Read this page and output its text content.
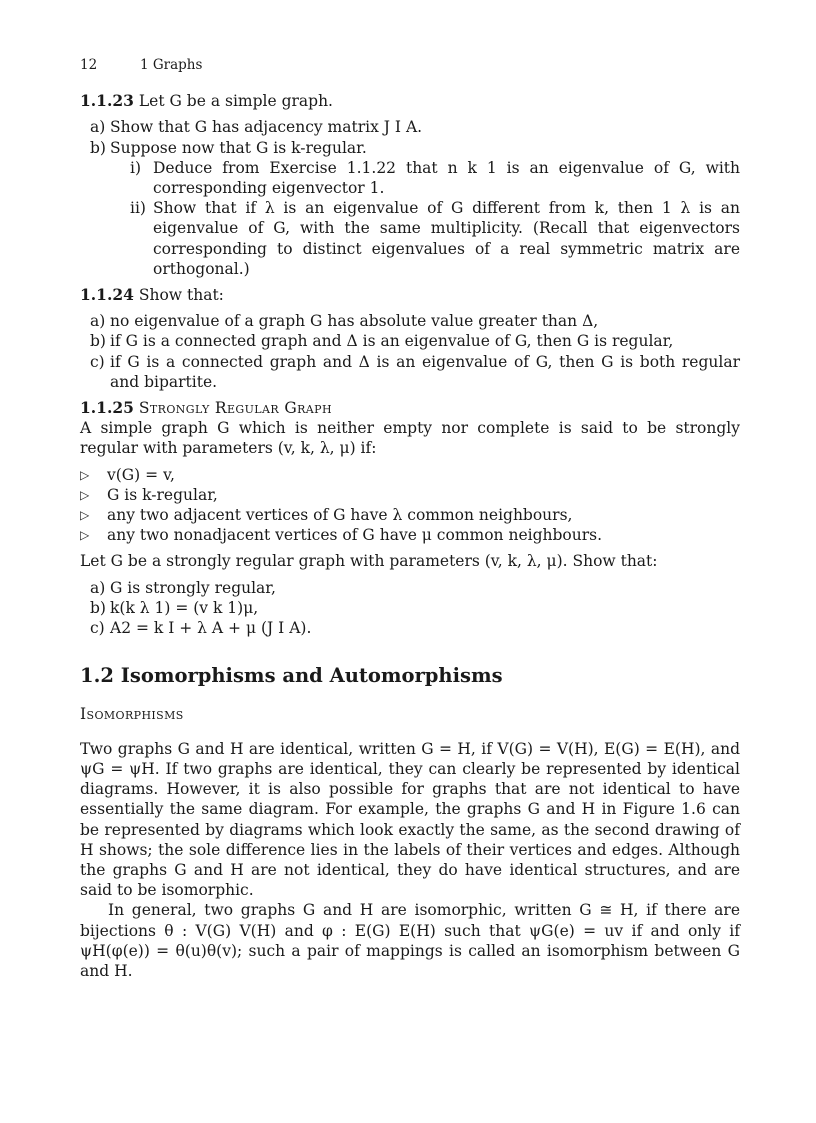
12	1 Graphs
1.1.23 Let G be a simple graph.
a) Show that G has adjacency matrix J I A.
b) Suppose now that G is k-regular.
i) Deduce from Exercise 1.1.22 that n k 1 is an eigenvalue of G, with corresponding eigenvector 1.
ii) Show that if λ is an eigenvalue of G different from k, then 1 λ is an eigenvalue of G, with the same multiplicity. (Recall that eigenvectors corresponding to distinct eigenvalues of a real symmetric matrix are orthogonal.)
1.1.24 Show that:
a) no eigenvalue of a graph G has absolute value greater than Δ,
b) if G is a connected graph and Δ is an eigenvalue of G, then G is regular,
c) if G is a connected graph and Δ is an eigenvalue of G, then G is both regular and bipartite.
1.1.25 Strongly Regular Graph
A simple graph G which is neither empty nor complete is said to be strongly regular with parameters (v, k, λ, μ) if:
▷	v(G) = v,
▷	G is k-regular,
▷	any two adjacent vertices of G have λ common neighbours,
▷	any two nonadjacent vertices of G have μ common neighbours.
Let G be a strongly regular graph with parameters (v, k, λ, μ). Show that:
a) G is strongly regular,
b) k(k λ 1) = (v k 1)μ,
c) A2 = k I + λ A + μ (J I A).
1.2 Isomorphisms and Automorphisms
Isomorphisms
Two graphs G and H are identical, written G = H, if V(G) = V(H), E(G) = E(H), and ψG = ψH. If two graphs are identical, they can clearly be represented by identical diagrams. However, it is also possible for graphs that are not identical to have essentially the same diagram. For example, the graphs G and H in Figure 1.6 can be represented by diagrams which look exactly the same, as the second drawing of H shows; the sole difference lies in the labels of their vertices and edges. Although the graphs G and H are not identical, they do have identical structures, and are said to be isomorphic.
In general, two graphs G and H are isomorphic, written G ≅ H, if there are bijections θ : V(G) V(H) and φ : E(G) E(H) such that ψG(e) = uv if and only if ψH(φ(e)) = θ(u)θ(v); such a pair of mappings is called an isomorphism between G and H.
